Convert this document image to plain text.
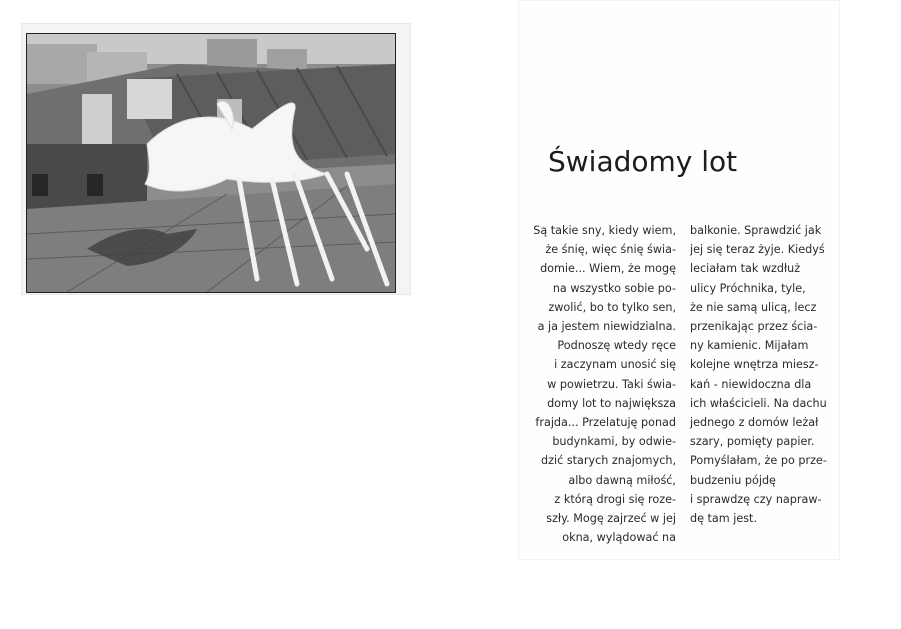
Świadomy lot
Są takie sny, kiedy wiem,
że śnię, więc śnię świa-
domie... Wiem, że mogę
na wszystko sobie po-
zwolić, bo to tylko sen,
a ja jestem niewidzialna.
Podnoszę wtedy ręce
i zaczynam unosić się
w powietrzu. Taki świa-
domy lot to największa
frajda... Przelatuję ponad
budynkami, by odwie-
dzić starych znajomych,
albo dawną miłość,
z którą drogi się roze-
szły. Mogę zajrzeć w jej
okna, wylądować na
balkonie. Sprawdzić jak
jej się teraz żyje. Kiedyś
leciałam tak wzdłuż
ulicy Próchnika, tyle,
że nie samą ulicą, lecz
przenikając przez ścia-
ny kamienic. Mijałam
kolejne wnętrza miesz-
kań - niewidoczna dla
ich właścicieli. Na dachu
jednego z domów leżał
szary, pomięty papier.
Pomyślałam, że po prze-
budzeniu pójdę
i sprawdzę czy napraw-
dę tam jest.
